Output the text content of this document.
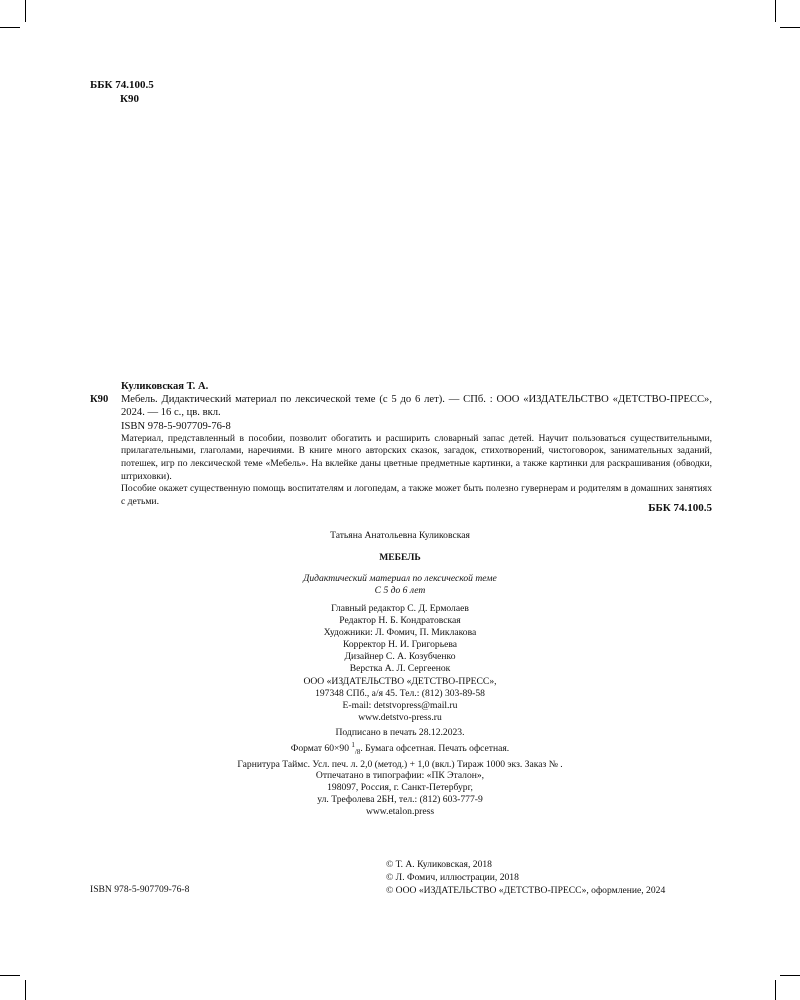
ББК 74.100.5
К90
Куликовская Т. А.
К90	Мебель. Дидактический материал по лексической теме (с 5 до 6 лет). — СПб. : ООО «ИЗДАТЕЛЬСТВО «ДЕТСТВО-ПРЕСС», 2024. — 16 с., цв. вкл.
ISBN 978-5-907709-76-8

Материал, представленный в пособии, позволит обогатить и расширить словарный запас детей. Научит пользоваться существительными, прилагательными, глаголами, наречиями. В книге много авторских сказок, загадок, стихотворений, чистоговорок, занимательных заданий, потешек, игр по лексической теме «Мебель». На вклейке даны цветные предметные картинки, а также картинки для раскрашивания (обводки, штриховки).

Пособие окажет существенную помощь воспитателям и логопедам, а также может быть полезно гувернерам и родителям в домашних занятиях с детьми.

ББК 74.100.5
Татьяна Анатольевна Куликовская
МЕБЕЛЬ
Дидактический материал по лексической теме
С 5 до 6 лет
Главный редактор С. Д. Ермолаев
Редактор Н. Б. Кондратовская
Художники: Л. Фомич, П. Миклакова
Корректор Н. И. Григорьева
Дизайнер С. А. Козубченко
Верстка А. Л. Сергеенок
ООО «ИЗДАТЕЛЬСТВО «ДЕТСТВО-ПРЕСС»,
197348 СПб., а/я 45. Тел.: (812) 303-89-58
E-mail: detstvopress@mail.ru
www.detstvo-press.ru
Подписано в печать 28.12.2023.
Формат 60×90 $^1_{/8}$. Бумага офсетная. Печать офсетная.
Гарнитура Таймс. Усл. печ. л. 2,0 (метод.) + 1,0 (вкл.) Тираж 1000 экз. Заказ № .
Отпечатано в типографии: «ПК Эталон»,
198097, Россия, г. Санкт-Петербург,
ул. Трефолева 2БН, тел.: (812) 603-777-9
www.etalon.press
© Т. А. Куликовская, 2018
© Л. Фомич, иллюстрации, 2018
© ООО «ИЗДАТЕЛЬСТВО «ДЕТСТВО-ПРЕСС», оформление, 2024
ISBN 978-5-907709-76-8
